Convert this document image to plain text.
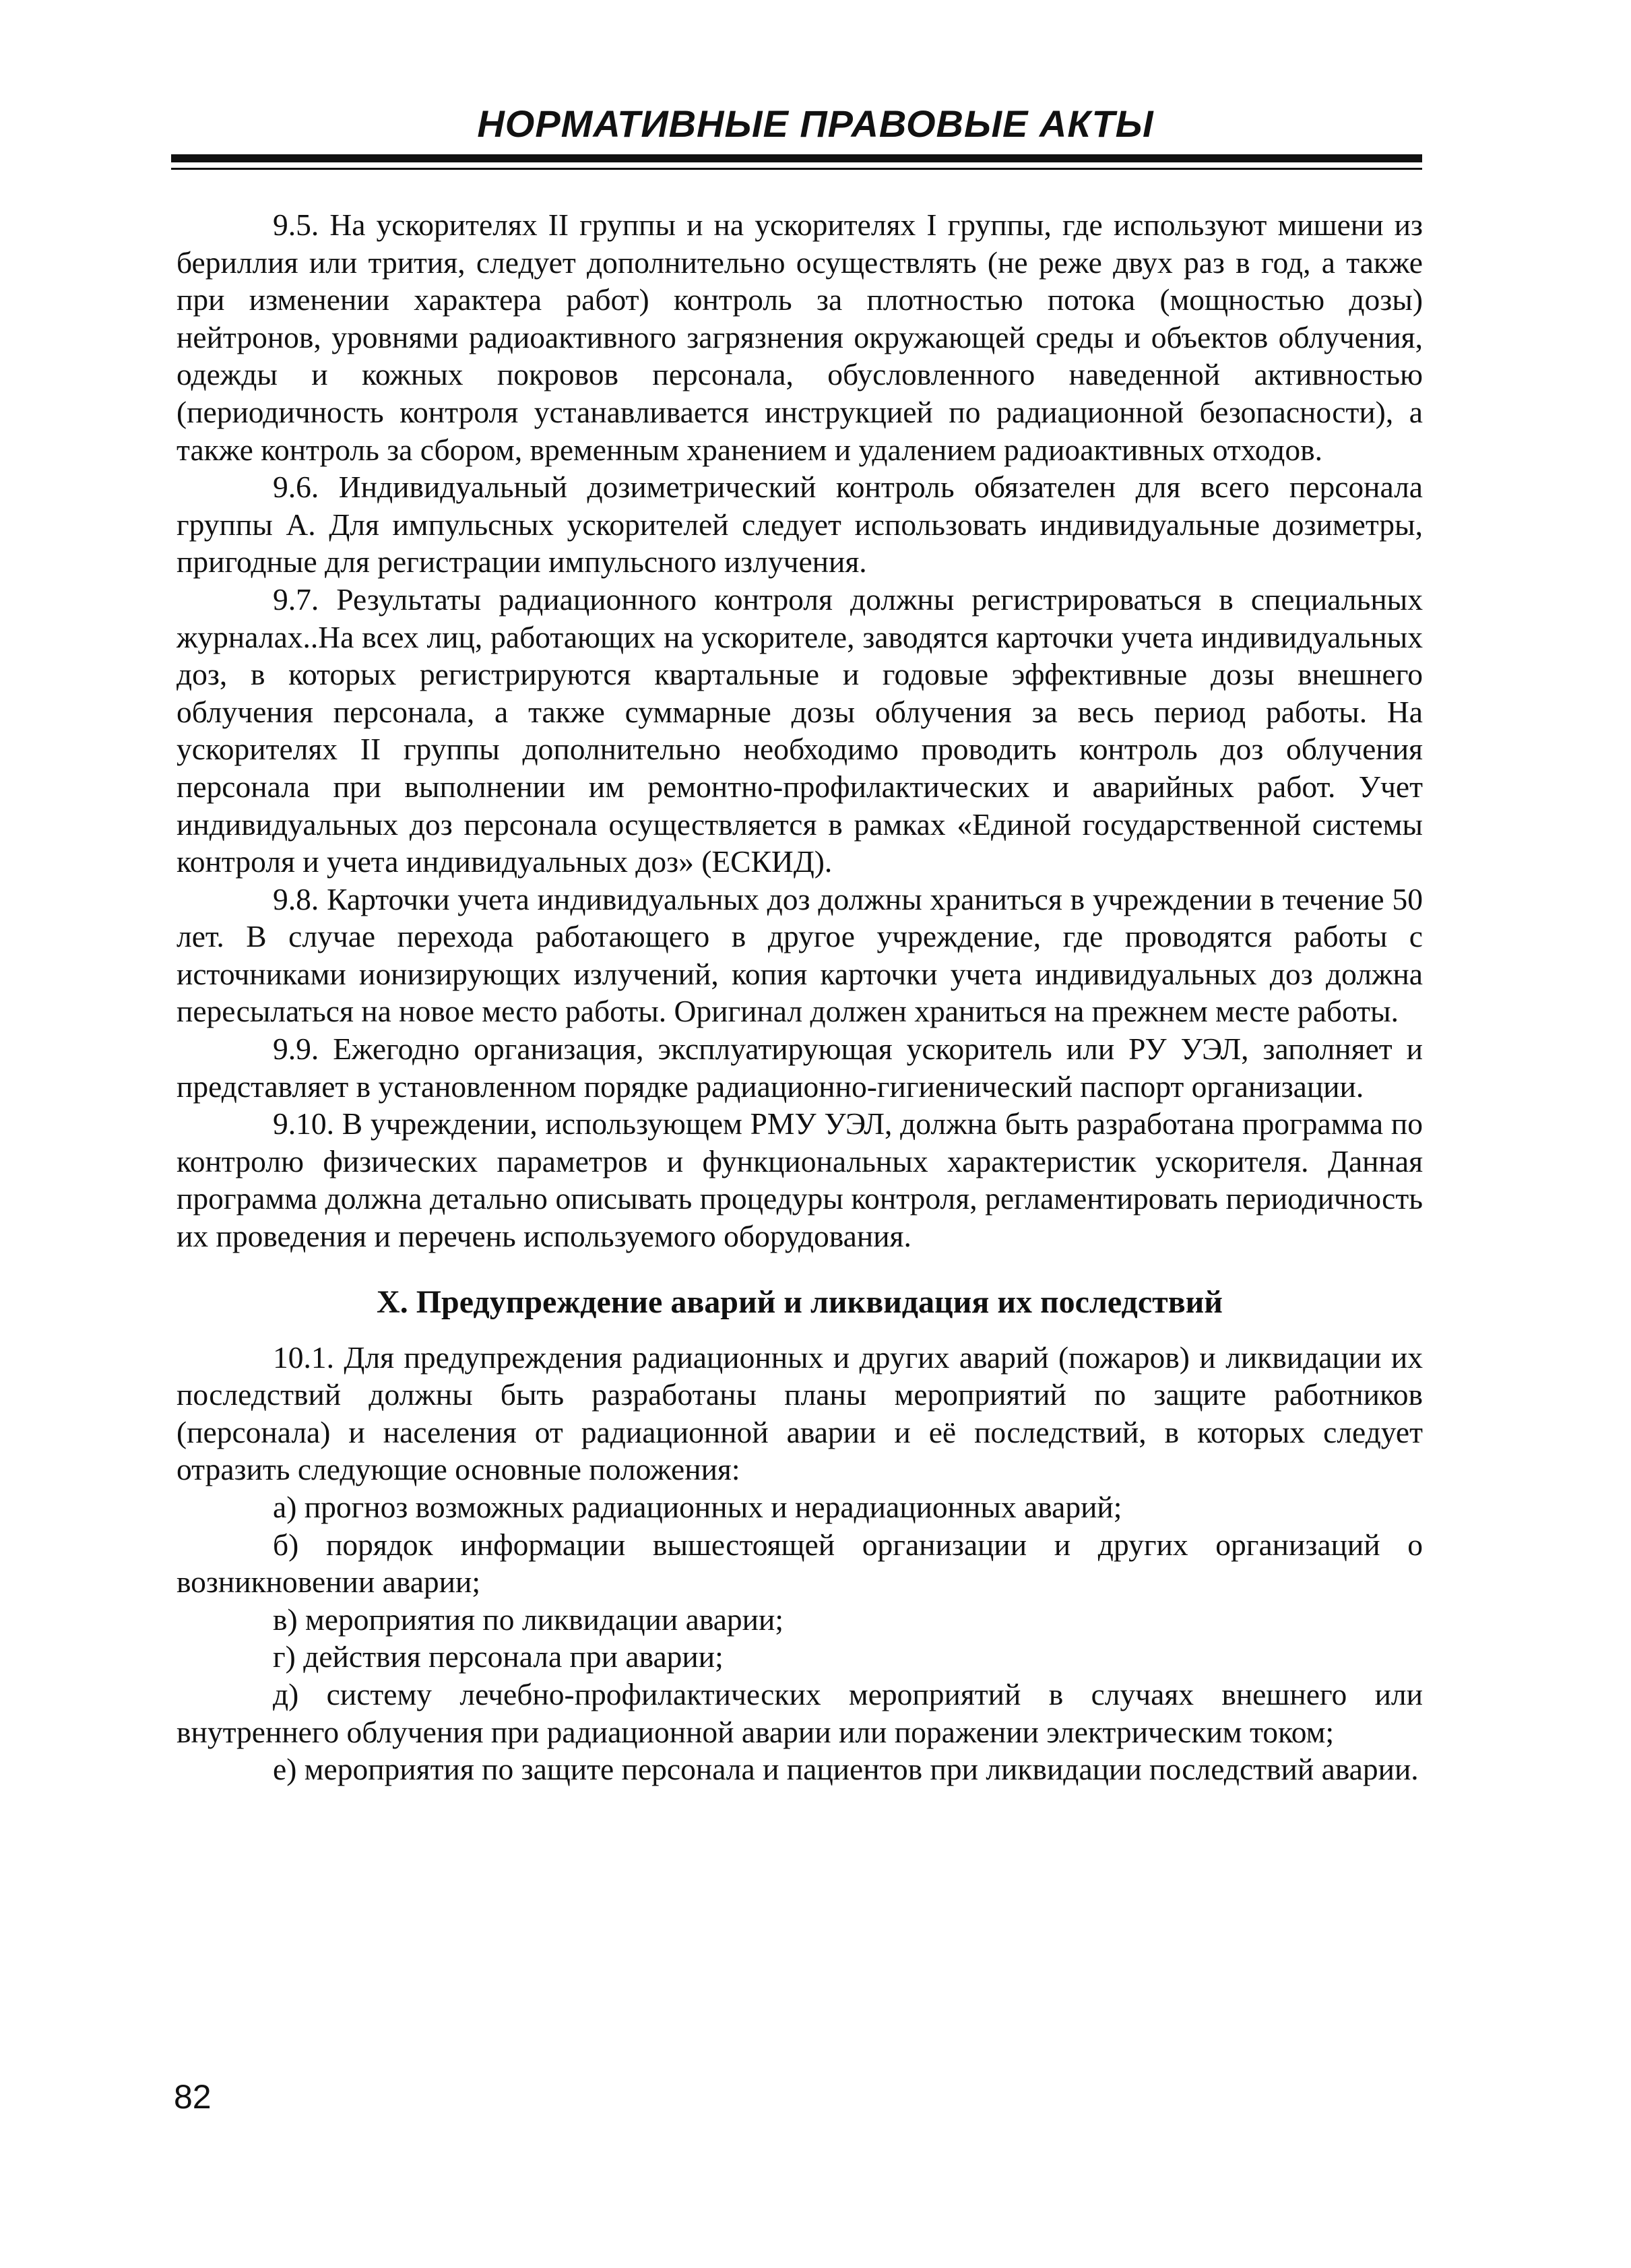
НОРМАТИВНЫЕ ПРАВОВЫЕ АКТЫ

9.5. На ускорителях II группы и на ускорителях I группы, где используют мишени из бериллия или трития, следует дополнительно осуществлять (не реже двух раз в год, а также при изменении характера работ) контроль за плотностью потока (мощностью дозы) нейтронов, уровнями радиоактивного загрязнения окружающей среды и объектов облучения, одежды и кожных покровов персонала, обусловленного наведенной активностью (периодичность контроля устанавливается инструкцией по радиационной безопасности), а также контроль за сбором, временным хранением и удалением радиоактивных отходов.

9.6. Индивидуальный дозиметрический контроль обязателен для всего персонала группы А. Для импульсных ускорителей следует использовать индивидуальные дозиметры, пригодные для регистрации импульсного излучения.

9.7. Результаты радиационного контроля должны регистрироваться в специальных журналах..На всех лиц, работающих на ускорителе, заводятся карточки учета индивидуальных доз, в которых регистрируются квартальные и годовые эффективные дозы внешнего облучения персонала, а также суммарные дозы облучения за весь период работы. На ускорителях II группы дополнительно необходимо проводить контроль доз облучения персонала при выполнении им ремонтно-профилактических и аварийных работ. Учет индивидуальных доз персонала осуществляется в рамках «Единой государственной системы контроля и учета индивидуальных доз» (ЕСКИД).

9.8. Карточки учета индивидуальных доз должны храниться в учреждении в течение 50 лет. В случае перехода работающего в другое учреждение, где проводятся работы с источниками ионизирующих излучений, копия карточки учета индивидуальных доз должна пересылаться на новое место работы. Оригинал должен храниться на прежнем месте работы.

9.9. Ежегодно организация, эксплуатирующая ускоритель или РУ УЭЛ, заполняет и представляет в установленном порядке радиационно-гигиенический паспорт организации.

9.10. В учреждении, использующем РМУ УЭЛ, должна быть разработана программа по контролю физических параметров и функциональных характеристик ускорителя. Данная программа должна детально описывать процедуры контроля, регламентировать периодичность их проведения и перечень используемого оборудования.

X. Предупреждение аварий и ликвидация их последствий

10.1. Для предупреждения радиационных и других аварий (пожаров) и ликвидации их последствий должны быть разработаны планы мероприятий по защите работников (персонала) и населения от радиационной аварии и её последствий, в которых следует отразить следующие основные положения:

а) прогноз возможных радиационных и нерадиационных аварий;

б) порядок информации вышестоящей организации и других организаций о возникновении аварии;

в) мероприятия по ликвидации аварии;

г) действия персонала при аварии;

д) систему лечебно-профилактических мероприятий в случаях внешнего или внутреннего облучения при радиационной аварии или поражении электрическим током;

е) мероприятия по защите персонала и пациентов при ликвидации последствий аварии.

82
